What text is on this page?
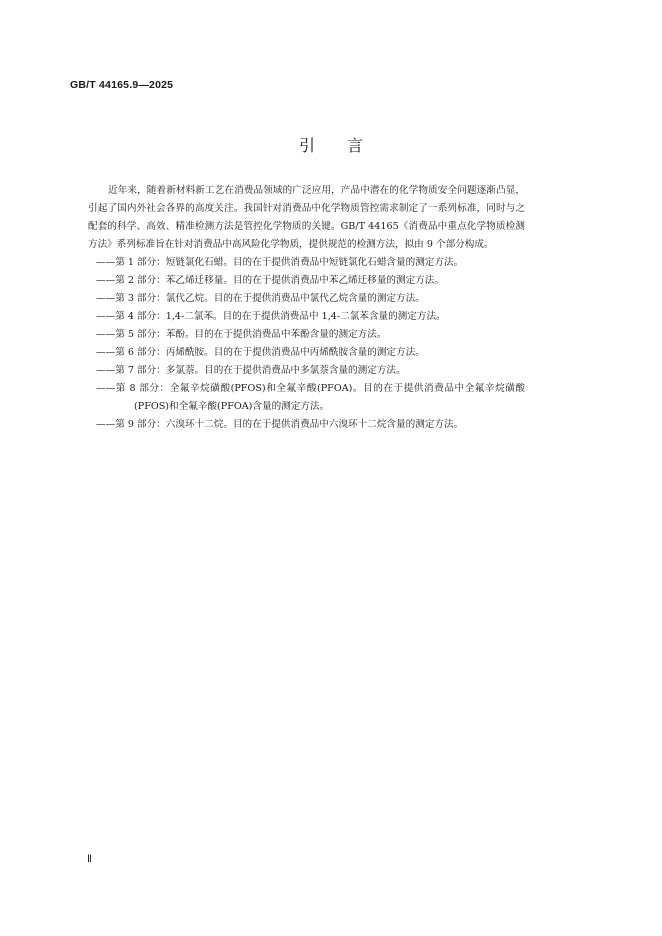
GB/T 44165.9—2025
引　　言

近年来，随着新材料新工艺在消费品领域的广泛应用，产品中潜在的化学物质安全问题逐渐凸显，引起了国内外社会各界的高度关注。我国针对消费品中化学物质管控需求制定了一系列标准，同时与之配套的科学、高效、精准检测方法是管控化学物质的关键。GB/T 44165《消费品中重点化学物质检测方法》系列标准旨在针对消费品中高风险化学物质，提供规范的检测方法，拟由 9 个部分构成。

——第 1 部分：短链氯化石蜡。目的在于提供消费品中短链氯化石蜡含量的测定方法。
——第 2 部分：苯乙烯迁移量。目的在于提供消费品中苯乙烯迁移量的测定方法。
——第 3 部分：氯代乙烷。目的在于提供消费品中氯代乙烷含量的测定方法。
——第 4 部分：1,4-二氯苯。目的在于提供消费品中 1,4-二氯苯含量的测定方法。
——第 5 部分：苯酚。目的在于提供消费品中苯酚含量的测定方法。
——第 6 部分：丙烯酰胺。目的在于提供消费品中丙烯酰胺含量的测定方法。
——第 7 部分：多氯萘。目的在于提供消费品中多氯萘含量的测定方法。
——第 8 部分：全氟辛烷磺酸(PFOS)和全氟辛酸(PFOA)。目的在于提供消费品中全氟辛烷磺酸(PFOS)和全氟辛酸(PFOA)含量的测定方法。
——第 9 部分：六溴环十二烷。目的在于提供消费品中六溴环十二烷含量的测定方法。
Ⅱ
